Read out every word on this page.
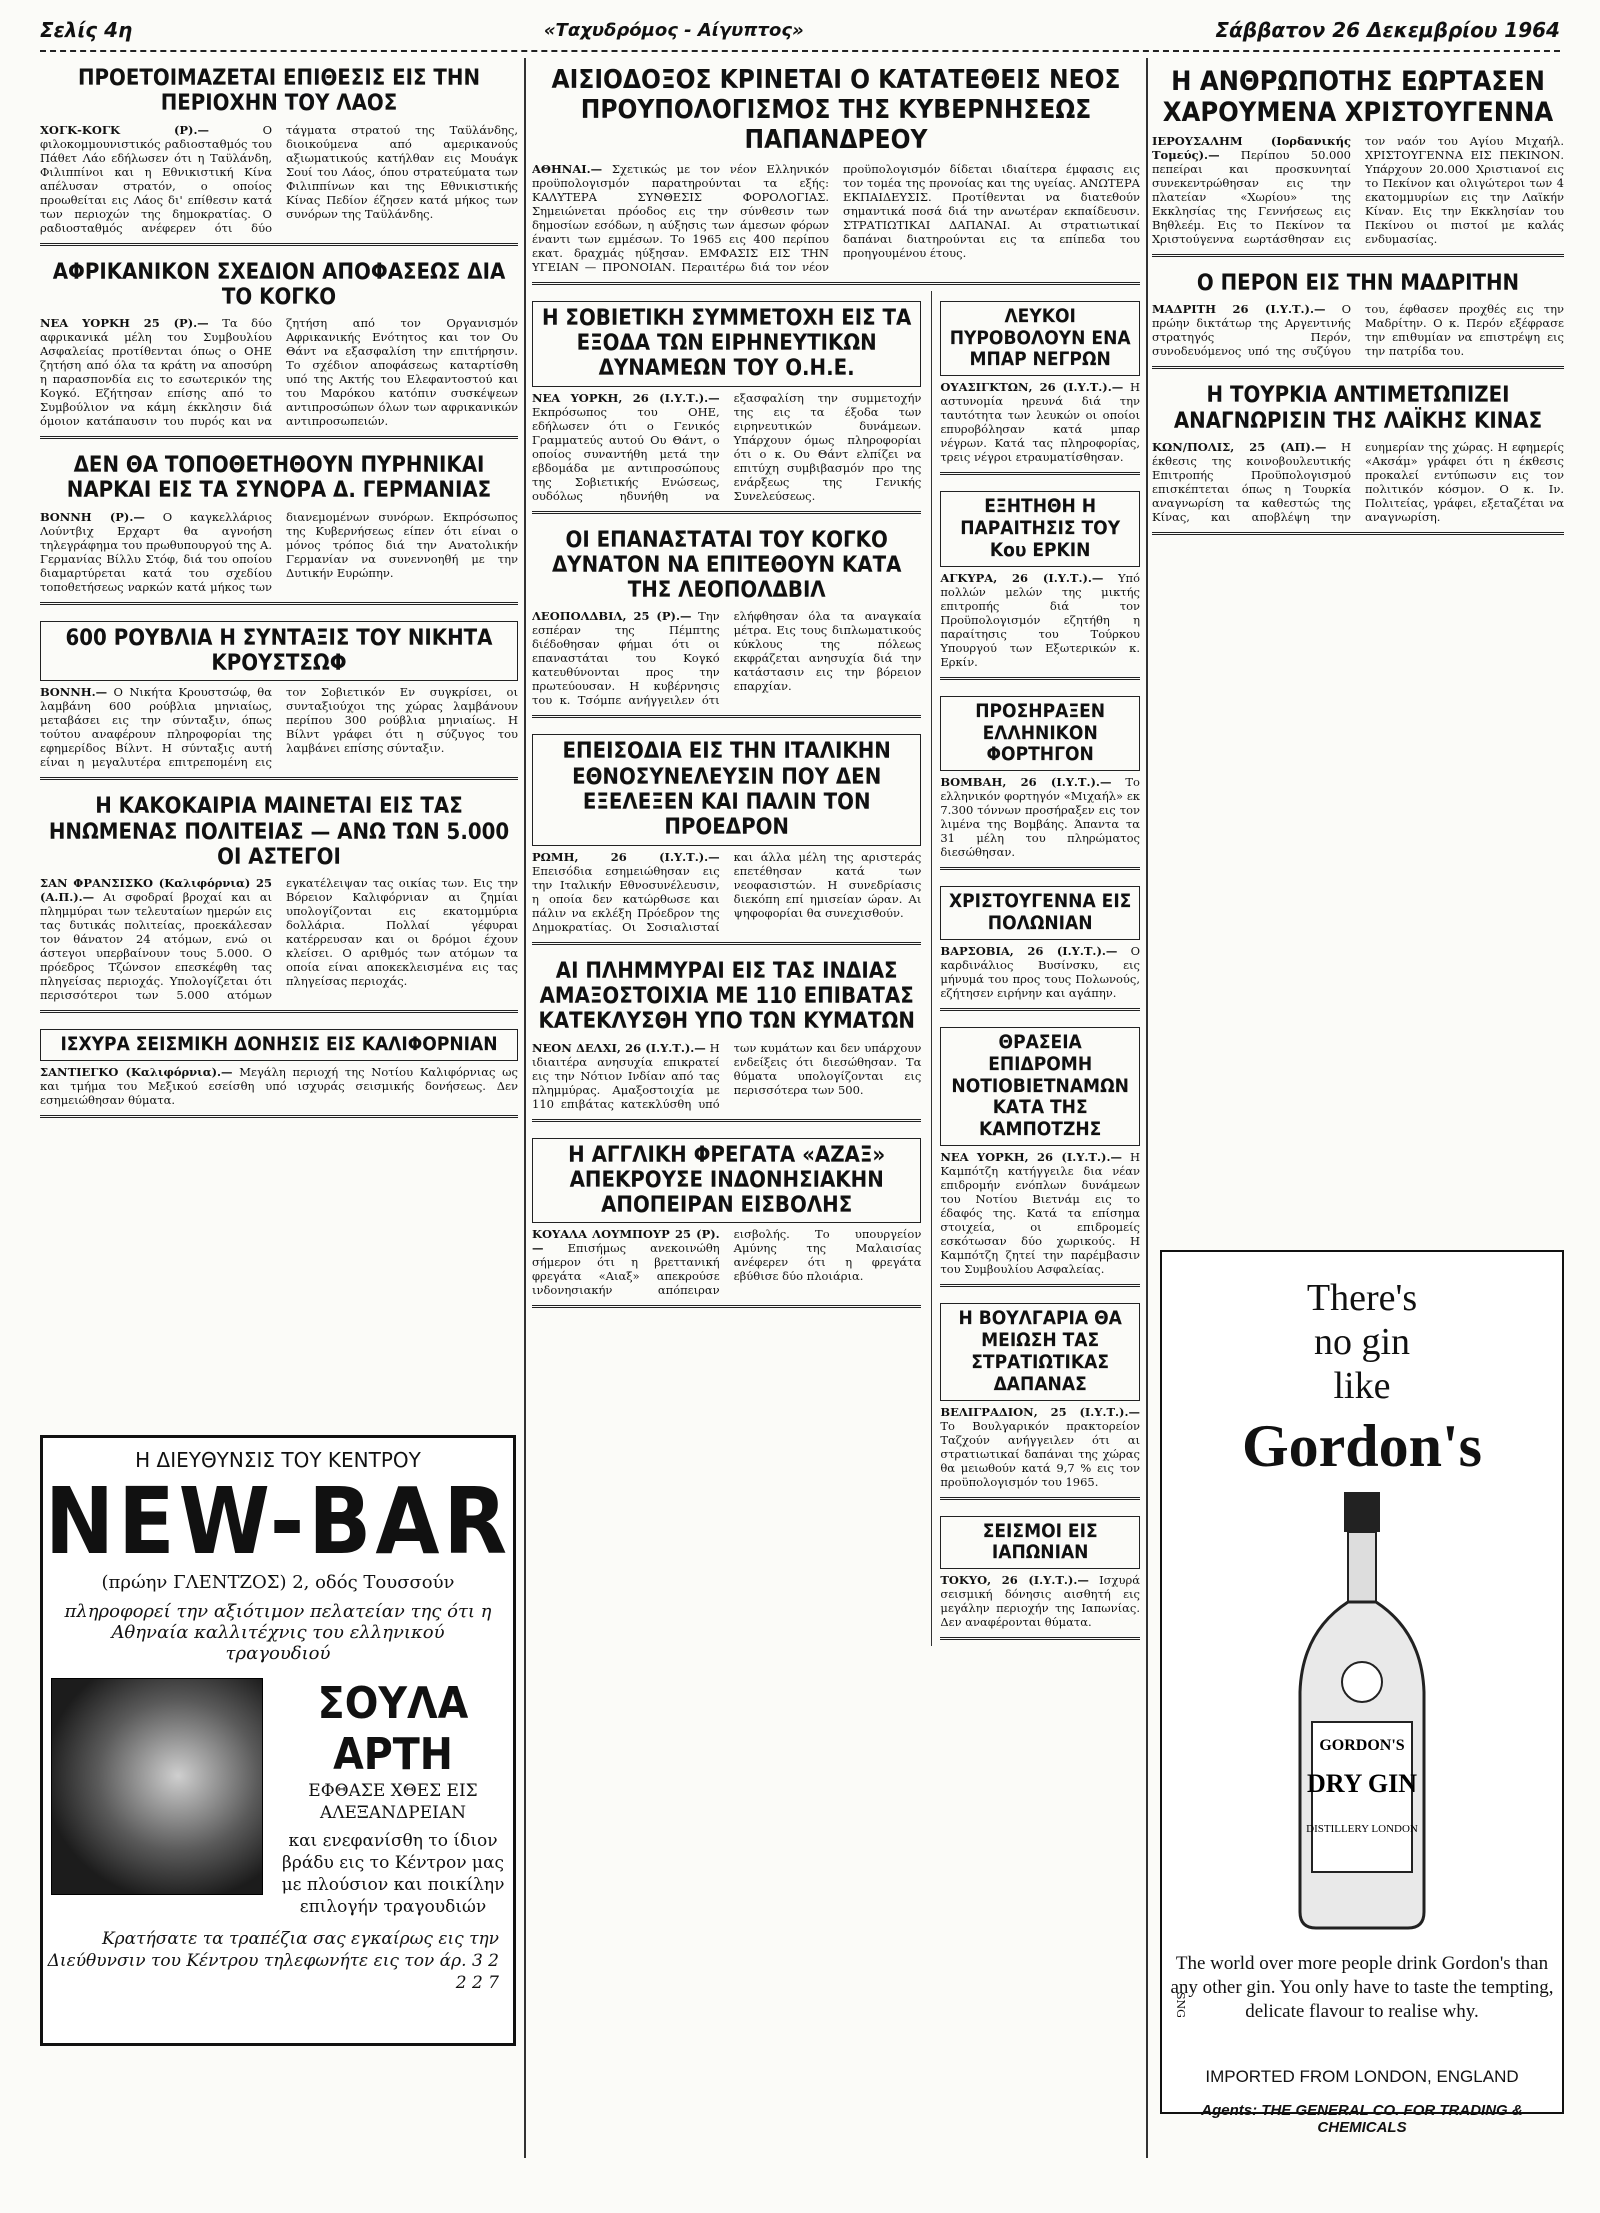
Σελίς 4η	«Ταχυδρόμος - Αίγυπτος»	Σάββατον 26 Δεκεμβρίου 1964
ΠΡΟΕΤΟΙΜΑΖΕΤΑΙ ΕΠΙΘΕΣΙΣ ΕΙΣ ΤΗΝ ΠΕΡΙΟΧΗΝ ΤΟΥ ΛΑΟΣ
ΧΟΓΚ-ΚΟΓΚ (Ρ).—	Ο φιλοκομμουνιστικός ραδιοσταθμός του Πάθετ Λάο εδήλωσεν ότι η Ταϋλάνδη, Φιλιππίνοι και η Εθνικιστική Κίνα απέλυσαν στρατόν, ο οποίος προωθείται εις Λάος δι' επίθεσιν κατά των περιοχών της δημοκρατίας. Ο ραδιοσταθμός ανέφερεν ότι δύο τάγματα στρατού της Ταϋλάνδης, διοικούμενα από αμερικανούς αξιωματικούς κατήλθαν εις Μουάγκ Σουί του Λάος, όπου στρατεύματα των Φιλιππίνων και της Εθνικιστικής Κίνας Πεδίον έζησεν κατά μήκος των συνόρων της Ταϋλάνδης.
ΑΦΡΙΚΑΝΙΚΟΝ ΣΧΕΔΙΟΝ ΑΠΟΦΑΣΕΩΣ ΔΙΑ ΤΟ ΚΟΓΚΟ
ΝΕΑ ΥΟΡΚΗ 25 (Ρ).— Τα δύο αφρικανικά μέλη του Συμβουλίου Ασφαλείας προτίθενται όπως ο ΟΗΕ ζητήση από όλα τα κράτη να αποσύρη η παρασπονδία εις το εσωτερικόν της Κογκό. Εζήτησαν επίσης από το Συμβούλιον να κάμη έκκλησιν διά όμοιον κατάπαυσιν του πυρός και να ζητήση από τον Οργανισμόν Αφρικανικής Ενότητος και τον Ου Θάντ να εξασφαλίση την επιτήρησιν. Το σχέδιον αποφάσεως καταρτίσθη υπό της Ακτής του Ελεφαντοστού και του Μαρόκου κατόπιν συσκέψεων αντιπροσώπων όλων των αφρικανικών αντιπροσωπειών.
ΔΕΝ ΘΑ ΤΟΠΟΘΕΤΗΘΟΥΝ ΠΥΡΗΝΙΚΑΙ ΝΑΡΚΑΙ ΕΙΣ ΤΑ ΣΥΝΟΡΑ Δ. ΓΕΡΜΑΝΙΑΣ
ΒΟΝΝΗ (Ρ).— Ο καγκελλάριος Λούντβιχ Ερχαρτ θα αγνοήση τηλεγράφημα του πρωθυπουργού της Α. Γερμανίας Βίλλυ Στόφ, διά του οποίου διαμαρτύρεται κατά του σχεδίου τοποθετήσεως ναρκών κατά μήκος των διανεμομένων συνόρων. Εκπρόσωπος της Κυβερνήσεως είπεν ότι είναι ο μόνος τρόπος διά την Ανατολικήν Γερμανίαν να συνεννοηθή με την Δυτικήν Ευρώπην.
600 ΡΟΥΒΛΙΑ Η ΣΥΝΤΑΞΙΣ ΤΟΥ ΝΙΚΗΤΑ ΚΡΟΥΣΤΣΩΦ
ΒΟΝΝΗ.— Ο Νικήτα Κρουστσώφ, θα λαμβάνη 600 ρούβλια μηνιαίως, μεταβάσει εις την σύνταξιν, όπως τούτου αναφέρουν πληροφορίαι της εφημερίδος Βίλντ. Η σύνταξις αυτή είναι η μεγαλυτέρα επιτρεπομένη εις τον Σοβιετικόν Εν συγκρίσει, οι συνταξιούχοι της χώρας λαμβάνουν περίπου 300 ρούβλια μηνιαίως. Η Βίλντ γράφει ότι η σύζυγος του λαμβάνει επίσης σύνταξιν.
Η ΚΑΚΟΚΑΙΡΙΑ ΜΑΙΝΕΤΑΙ ΕΙΣ ΤΑΣ ΗΝΩΜΕΝΑΣ ΠΟΛΙΤΕΙΑΣ — ΑΝΩ ΤΩΝ 5.000 ΟΙ ΑΣΤΕΓΟΙ
ΣΑΝ ΦΡΑΝΣΙΣΚΟ (Καλιφόρνια) 25 (Α.Π.).— Αι σφοδραί βροχαί και αι πλημμύραι των τελευταίων ημερών εις τας δυτικάς πολιτείας, προεκάλεσαν τον θάνατον 24 ατόμων, ενώ οι άστεγοι υπερβαίνουν τους 5.000. Ο πρόεδρος Τζώνσον επεσκέφθη τας πληγείσας περιοχάς. Υπολογίζεται ότι περισσότεροι των 5.000 ατόμων εγκατέλειψαν τας οικίας των. Εις την Βόρειον Καλιφόρνιαν αι ζημίαι υπολογίζονται εις εκατομμύρια δολλάρια. Πολλαί γέφυραι κατέρρευσαν και οι δρόμοι έχουν κλείσει. Ο αριθμός των ατόμων τα οποία είναι αποκεκλεισμένα εις τας πληγείσας περιοχάς.
ΙΣΧΥΡΑ ΣΕΙΣΜΙΚΗ ΔΟΝΗΣΙΣ ΕΙΣ ΚΑΛΙΦΟΡΝΙΑΝ
ΣΑΝΤΙΕΓΚΟ (Καλιφόρνια).— Μεγάλη περιοχή της Νοτίου Καλιφόρνιας ως και τμήμα του Μεξικού εσείσθη υπό ισχυράς σεισμικής δονήσεως. Δεν εσημειώθησαν θύματα.
Η ΔΙΕΥΘΥΝΣΙΣ ΤΟΥ ΚΕΝΤΡΟΥ
NEW-BAR
(πρώην ΓΛΕΝΤΖΟΣ) 2, οδός Τουσσούν
πληροφορεί την αξιότιμον πελατείαν της ότι η Αθηναία καλλιτέχνις του ελληνικού τραγουδιού
ΣΟΥΛΑ ΑΡΤΗ
ΕΦΘΑΣΕ ΧΘΕΣ ΕΙΣ ΑΛΕΞΑΝΔΡΕΙΑΝ
και ενεφανίσθη το ίδιον βράδυ εις το Κέντρον μας με πλούσιον και ποικίλην επιλογήν τραγουδιών
Κρατήσατε τα τραπέζια σας εγκαίρως εις την Διεύθυνσιν του Κέντρου τηλεφωνήτε εις τον άρ. 3 2 2 2 7
ΑΙΣΙΟΔΟΞΟΣ ΚΡΙΝΕΤΑΙ Ο ΚΑΤΑΤΕΘΕΙΣ ΝΕΟΣ ΠΡΟΥΠΟΛΟΓΙΣΜΟΣ ΤΗΣ ΚΥΒΕΡΝΗΣΕΩΣ ΠΑΠΑΝΔΡΕΟΥ
ΑΘΗΝΑΙ.— Σχετικώς με τον νέον Ελληνικόν προϋπολογισμόν παρατηρούνται τα εξής: ΚΑΛΥΤΕΡΑ ΣΥΝΘΕΣΙΣ ΦΟΡΟΛΟΓΙΑΣ. Σημειώνεται πρόοδος εις την σύνθεσιν των δημοσίων εσόδων, η αύξησις των άμεσων φόρων έναντι των εμμέσων. Το 1965 εις 400 περίπου εκατ. δραχμάς ηύξησαν. ΕΜΦΑΣΙΣ ΕΙΣ ΤΗΝ ΥΓΕΙΑΝ — ΠΡΟΝΟΙΑΝ. Περαιτέρω διά τον νέον προϋπολογισμόν δίδεται ιδιαίτερα έμφασις εις τον τομέα της προνοίας και της υγείας. ΑΝΩΤΕΡΑ ΕΚΠΑΙΔΕΥΣΙΣ. Προτίθενται να διατεθούν σημαντικά ποσά διά την ανωτέραν εκπαίδευσιν. ΣΤΡΑΤΙΩΤΙΚΑΙ ΔΑΠΑΝΑΙ. Αι στρατιωτικαί δαπάναι διατηρούνται εις τα επίπεδα του προηγουμένου έτους.
Η ΣΟΒΙΕΤΙΚΗ ΣΥΜΜΕΤΟΧΗ ΕΙΣ ΤΑ ΕΞΟΔΑ ΤΩΝ ΕΙΡΗΝΕΥΤΙΚΩΝ ΔΥΝΑΜΕΩΝ ΤΟΥ Ο.Η.Ε.
ΝΕΑ ΥΟΡΚΗ, 26 (Ι.Υ.Τ.).— Εκπρόσωπος του ΟΗΕ, εδήλωσεν ότι ο Γενικός Γραμματεύς αυτού Ου Θάντ, ο οποίος συναντήθη μετά την εβδομάδα με αντιπροσώπους της Σοβιετικής Ενώσεως, ουδόλως ηδυνήθη να εξασφαλίση την συμμετοχήν της εις τα έξοδα των ειρηνευτικών δυνάμεων. Υπάρχουν όμως πληροφορίαι ότι ο κ. Ου Θάντ ελπίζει να επιτύχη συμβιβασμόν προ της ενάρξεως της Γενικής Συνελεύσεως.
ΟΙ ΕΠΑΝΑΣΤΑΤΑΙ ΤΟΥ ΚΟΓΚΟ ΔΥΝΑΤΟΝ ΝΑ ΕΠΙΤΕΘΟΥΝ ΚΑΤΑ ΤΗΣ ΛΕΟΠΟΛΔΒΙΛ
ΛΕΟΠΟΛΔΒΙΛ, 25 (Ρ).— Την εσπέραν της Πέμπτης διέδοθησαν φήμαι ότι οι επαναστάται του Κογκό κατευθύνονται προς την πρωτεύουσαν. Η κυβέρνησις του κ. Τσόμπε ανήγγειλεν ότι ελήφθησαν όλα τα αναγκαία μέτρα. Εις τους διπλωματικούς κύκλους της πόλεως εκφράζεται ανησυχία διά την κατάστασιν εις την βόρειον επαρχίαν.
ΕΠΕΙΣΟΔΙΑ ΕΙΣ ΤΗΝ ΙΤΑΛΙΚΗΝ ΕΘΝΟΣΥΝΕΛΕΥΣΙΝ ΠΟΥ ΔΕΝ ΕΞΕΛΕΞΕΝ ΚΑΙ ΠΑΛΙΝ ΤΟΝ ΠΡΟΕΔΡΟΝ
ΡΩΜΗ, 26 (Ι.Υ.Τ.).— Επεισόδια εσημειώθησαν εις την Ιταλικήν Εθνοσυνέλευσιν, η οποία δεν κατώρθωσε και πάλιν να εκλέξη Πρόεδρον της Δημοκρατίας. Οι Σοσιαλισταί και άλλα μέλη της αριστεράς επετέθησαν κατά των νεοφασιστών. Η συνεδρίασις διεκόπη επί ημισείαν ώραν. Αι ψηφοφορίαι θα συνεχισθούν.
ΑΙ ΠΛΗΜΜΥΡΑΙ ΕΙΣ ΤΑΣ ΙΝΔΙΑΣ ΑΜΑΞΟΣΤΟΙΧΙΑ ΜΕ 110 ΕΠΙΒΑΤΑΣ ΚΑΤΕΚΛΥΣΘΗ ΥΠΟ ΤΩΝ ΚΥΜΑΤΩΝ
ΝΕΟΝ ΔΕΛΧΙ, 26 (Ι.Υ.Τ.).— Η ιδιαιτέρα ανησυχία επικρατεί εις την Νότιον Ινδίαν από τας πλημμύρας. Αμαξοστοιχία με 110 επιβάτας κατεκλύσθη υπό των κυμάτων και δεν υπάρχουν ενδείξεις ότι διεσώθησαν. Τα θύματα υπολογίζονται εις περισσότερα των 500.
Η ΑΓΓΛΙΚΗ ΦΡΕΓΑΤΑ «ΑΖΑΞ» ΑΠΕΚΡΟΥΣΕ ΙΝΔΟΝΗΣΙΑΚΗΝ ΑΠΟΠΕΙΡΑΝ ΕΙΣΒΟΛΗΣ
ΚΟΥΑΛΑ ΛΟΥΜΠΟΥΡ 25 (Ρ).— Επισήμως ανεκοινώθη σήμερον ότι η βρεττανική φρεγάτα «Αιαξ» απεκρούσε ινδονησιακήν απόπειραν εισβολής. Το υπουργείον Αμύνης της Μαλαισίας ανέφερεν ότι η φρεγάτα εβύθισε δύο πλοιάρια.
ΛΕΥΚΟΙ ΠΥΡΟΒΟΛΟΥΝ ΕΝΑ ΜΠΑΡ ΝΕΓΡΩΝ
ΟΥΑΣΙΓΚΤΩΝ, 26 (Ι.Υ.Τ.).— Η αστυνομία ηρευνά διά την ταυτότητα των λευκών οι οποίοι επυροβόλησαν κατά μπαρ νέγρων. Κατά τας πληροφορίας, τρεις νέγροι ετραυματίσθησαν.
ΕΞΗΤΗΘΗ Η ΠΑΡΑΙΤΗΣΙΣ ΤΟΥ Κου ΕΡΚΙΝ
ΑΓΚΥΡΑ, 26 (Ι.Υ.Τ.).— Υπό πολλών μελών της μικτής επιτροπής διά τον Προϋπολογισμόν εζητήθη η παραίτησις του Τούρκου Υπουργού των Εξωτερικών κ. Ερκίν.
ΠΡΟΣΗΡΑΞΕΝ ΕΛΛΗΝΙΚΟΝ ΦΟΡΤΗΓΟΝ
ΒΟΜΒΑΗ, 26 (Ι.Υ.Τ.).— Το ελληνικόν φορτηγόν «Μιχαήλ» εκ 7.300 τόννων προσήραξεν εις τον λιμένα της Βομβάης. Άπαντα τα 31 μέλη του πληρώματος διεσώθησαν.
ΧΡΙΣΤΟΥΓΕΝΝΑ ΕΙΣ ΠΟΛΩΝΙΑΝ
ΒΑΡΣΟΒΙΑ, 26 (Ι.Υ.Τ.).— Ο καρδινάλιος Βυσίνσκυ, εις μήνυμά του προς τους Πολωνούς, εζήτησεν ειρήνην και αγάπην.
ΘΡΑΣΕΙΑ ΕΠΙΔΡΟΜΗ ΝΟΤΙΟΒΙΕΤΝΑΜΩΝ ΚΑΤΑ ΤΗΣ ΚΑΜΠΟΤΖΗΣ
ΝΕΑ ΥΟΡΚΗ, 26 (Ι.Υ.Τ.).— Η Καμπότζη κατήγγειλε δια νέαν επιδρομήν ενόπλων δυνάμεων του Νοτίου Βιετνάμ εις το έδαφός της. Κατά τα επίσημα στοιχεία, οι επιδρομείς εσκότωσαν δύο χωρικούς. Η Καμπότζη ζητεί την παρέμβασιν του Συμβουλίου Ασφαλείας.
Η ΒΟΥΛΓΑΡΙΑ ΘΑ ΜΕΙΩΣΗ ΤΑΣ ΣΤΡΑΤΙΩΤΙΚΑΣ ΔΑΠΑΝΑΣ
ΒΕΛΙΓΡΑΔΙΟΝ, 25 (Ι.Υ.Τ.).— Το Βουλγαρικόν πρακτορείον Ταζχούν ανήγγειλεν ότι αι στρατιωτικαί δαπάναι της χώρας θα μειωθούν κατά 9,7 % εις τον προϋπολογισμόν του 1965.
ΣΕΙΣΜΟΙ ΕΙΣ ΙΑΠΩΝΙΑΝ
ΤΟΚΥΟ, 26 (Ι.Υ.Τ.).— Ισχυρά σεισμική δόνησις αισθητή εις μεγάλην περιοχήν της Ιαπωνίας. Δεν αναφέρονται θύματα.
Η ΑΝΘΡΩΠΟΤΗΣ ΕΩΡΤΑΣΕΝ ΧΑΡΟΥΜΕΝΑ ΧΡΙΣΤΟΥΓΕΝΝΑ
ΙΕΡΟΥΣΑΛΗΜ (Ιορδανικής Τομεύς).— Περίπου 50.000 πεπείραι και προσκυνηταί συνεκεντρώθησαν εις την πλατείαν «Χωρίου» της Εκκλησίας της Γεννήσεως εις Βηθλεέμ. Εις το Πεκίνον τα Χριστούγεννα εωρτάσθησαν εις τον ναόν του Αγίου Μιχαήλ. ΧΡΙΣΤΟΥΓΕΝΝΑ ΕΙΣ ΠΕΚΙΝΟΝ. Υπάρχουν 20.000 Χριστιανοί εις το Πεκίνον και ολιγώτεροι των 4 εκατομμυρίων εις την Λαϊκήν Κίναν. Εις την Εκκλησίαν του Πεκίνου οι πιστοί με καλάς ενδυμασίας.
Ο ΠΕΡΟΝ ΕΙΣ ΤΗΝ ΜΑΔΡΙΤΗΝ
ΜΑΔΡΙΤΗ 26 (Ι.Υ.Τ.).— Ο πρώην δικτάτωρ της Αργεντινής στρατηγός Περόν, συνοδευόμενος υπό της συζύγου του, έφθασεν προχθές εις την Μαδρίτην. Ο κ. Περόν εξέφρασε την επιθυμίαν να επιστρέψη εις την πατρίδα του.
Η ΤΟΥΡΚΙΑ ΑΝΤΙΜΕΤΩΠΙΖΕΙ ΑΝΑΓΝΩΡΙΣΙΝ ΤΗΣ ΛΑΪΚΗΣ ΚΙΝΑΣ
ΚΩΝ/ΠΟΛΙΣ, 25 (ΑΠ).— Η έκθεσις της κοινοβουλευτικής Επιτροπής Προϋπολογισμού επισκέπτεται όπως η Τουρκία αναγνωρίση τα καθεστώς της Κίνας, και αποβλέψη την ευημερίαν της χώρας. Η εφημερίς «Ακσάμ» γράφει ότι η έκθεσις προκαλεί εντύπωσιν εις τον πολιτικόν κόσμον. Ο κ. Ιν. Πολιτείας, γράφει, εξεταζέται να αναγνωρίση.
There's
no gin
like
Gordon's
GORDON'S
DRY GIN
DISTILLERY LONDON
The world over more people drink Gordon's than any other gin. You only have to taste the tempting, delicate flavour to realise why.
IMPORTED FROM LONDON, ENGLAND
Agents: THE GENERAL CO. FOR TRADING & CHEMICALS
SNG
